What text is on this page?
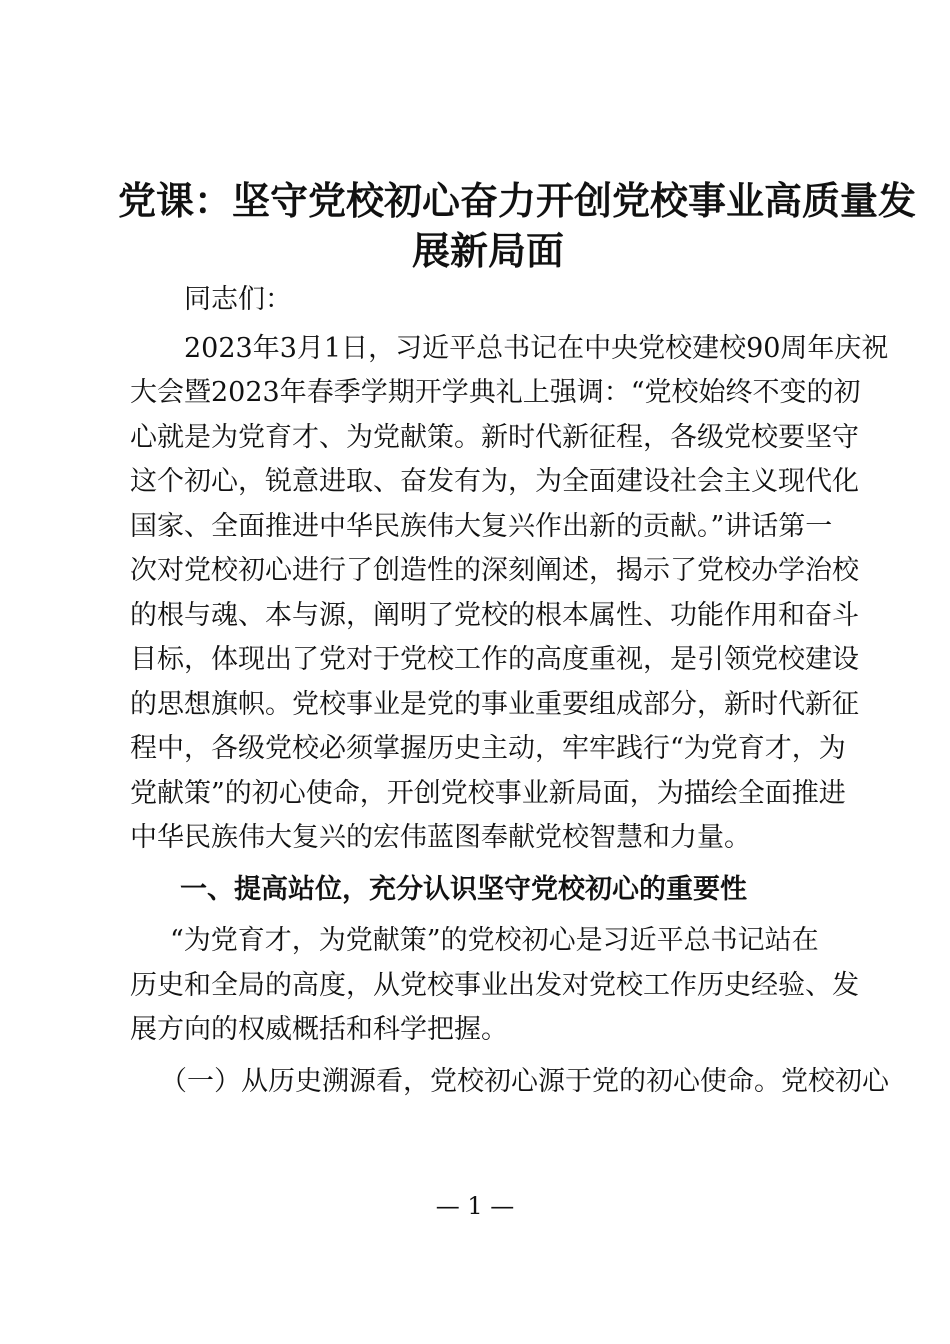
党课：坚守党校初心奋力开创党校事业高质量发
展新局面
同志们：
2023年3月1日，习近平总书记在中央党校建校90周年庆祝
大会暨2023年春季学期开学典礼上强调：“党校始终不变的初
心就是为党育才、为党献策。新时代新征程，各级党校要坚守
这个初心，锐意进取、奋发有为，为全面建设社会主义现代化
国家、全面推进中华民族伟大复兴作出新的贡献。”讲话第一
次对党校初心进行了创造性的深刻阐述，揭示了党校办学治校
的根与魂、本与源，阐明了党校的根本属性、功能作用和奋斗
目标，体现出了党对于党校工作的高度重视，是引领党校建设
的思想旗帜。党校事业是党的事业重要组成部分，新时代新征
程中，各级党校必须掌握历史主动，牢牢践行“为党育才，为
党献策”的初心使命，开创党校事业新局面，为描绘全面推进
中华民族伟大复兴的宏伟蓝图奉献党校智慧和力量。
一、提高站位，充分认识坚守党校初心的重要性
“为党育才，为党献策”的党校初心是习近平总书记站在
历史和全局的高度，从党校事业出发对党校工作历史经验、发
展方向的权威概括和科学把握。
（一）从历史溯源看，党校初心源于党的初心使命。党校初心
— 1 —
